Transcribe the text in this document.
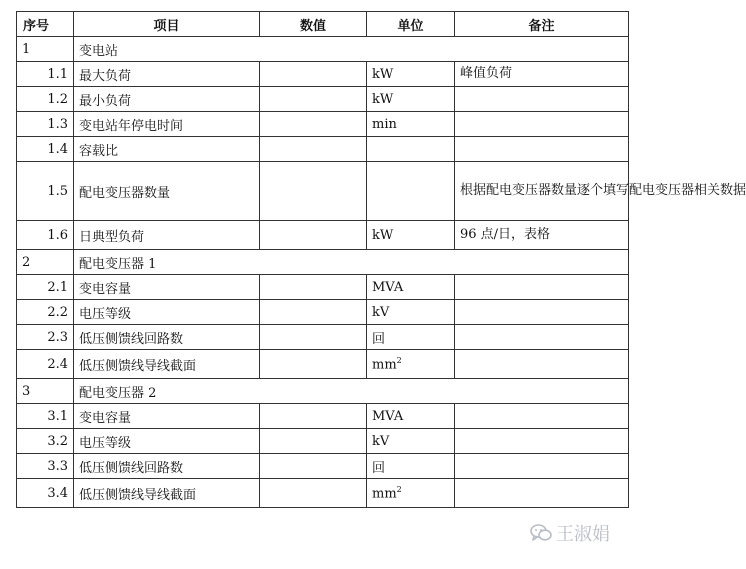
序号	项目	数值	单位	备注
1	变电站			
1.1	最大负荷		kW	峰值负荷
1.2	最小负荷		kW	
1.3	变电站年停电时间		min	
1.4	容载比			
1.5	配电变压器数量			根据配电变压器数量逐个填写配电变压器相关数据
1.6	日典型负荷		kW	96 点/日，表格
2	配电变压器 1			
2.1	变电容量		MVA	
2.2	电压等级		kV	
2.3	低压侧馈线回路数		回	
2.4	低压侧馈线导线截面		$mm^2$	
3	配电变压器 2			
3.1	变电容量		MVA	
3.2	电压等级		kV	
3.3	低压侧馈线回路数		回	
3.4	低压侧馈线导线截面		$mm^2$	
王淑娟
